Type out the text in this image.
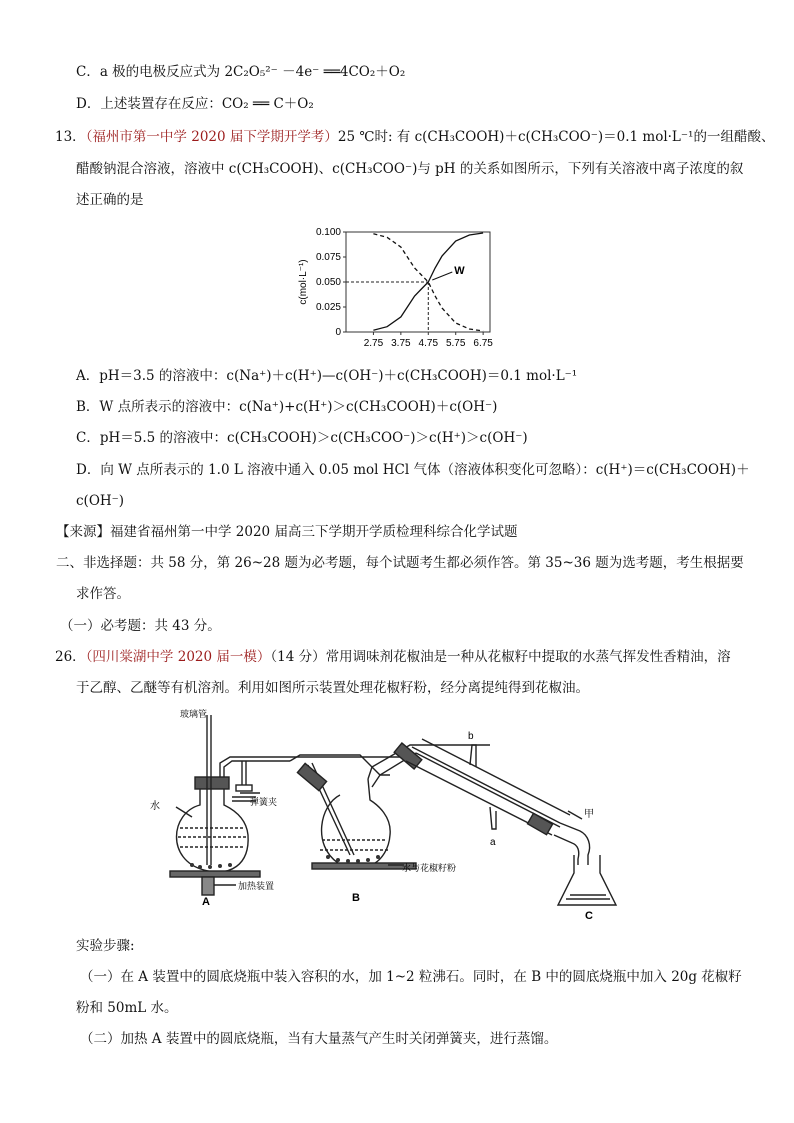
C．a 极的电极反应式为 2C₂O₅²⁻ －4e⁻ ══4CO₂＋O₂
D．上述装置存在反应：CO₂ ══ C＋O₂
13．（福州市第一中学 2020 届下学期开学考）25 ℃时: 有 c(CH₃COOH)＋c(CH₃COO⁻)＝0.1 mol·L⁻¹的一组醋酸、
醋酸钠混合溶液，溶液中 c(CH₃COOH)、c(CH₃COO⁻)与 pH 的关系如图所示，下列有关溶液中离子浓度的叙
述正确的是
0
0.025
0.050
0.075
0.100
2.75 3.75 4.75 5.75 6.75
c(mol·L⁻¹)	W
A．pH＝3.5 的溶液中：c(Na⁺)＋c(H⁺)—c(OH⁻)＋c(CH₃COOH)＝0.1 mol·L⁻¹
B．W 点所表示的溶液中：c(Na⁺)+c(H⁺)＞c(CH₃COOH)＋c(OH⁻)
C．pH＝5.5 的溶液中：c(CH₃COOH)＞c(CH₃COO⁻)＞c(H⁺)＞c(OH⁻)
D．向 W 点所表示的 1.0 L 溶液中通入 0.05 mol HCl 气体（溶液体积变化可忽略）：c(H⁺)＝c(CH₃COOH)＋
c(OH⁻)
【来源】福建省福州第一中学 2020 届高三下学期开学质检理科综合化学试题
二、非选择题：共 58 分，第 26~28 题为必考题，每个试题考生都必须作答。第 35~36 题为选考题，考生根据要
求作答。
（一）必考题：共 43 分。
26．（四川棠湖中学 2020 届一模）（14 分）常用调味剂花椒油是一种从花椒籽中提取的水蒸气挥发性香精油，溶
于乙醇、乙醚等有机溶剂。利用如图所示装置处理花椒籽粉，经分离提纯得到花椒油。
玻璃管
水	弹簧夹
加热装置
b
a
甲
水与花椒籽粉
A	B
C
实验步骤:
（一）在 A 装置中的圆底烧瓶中装入容积的水，加 1~2 粒沸石。同时，在 B 中的圆底烧瓶中加入 20g 花椒籽
粉和 50mL 水。
（二）加热 A 装置中的圆底烧瓶，当有大量蒸气产生时关闭弹簧夹，进行蒸馏。
